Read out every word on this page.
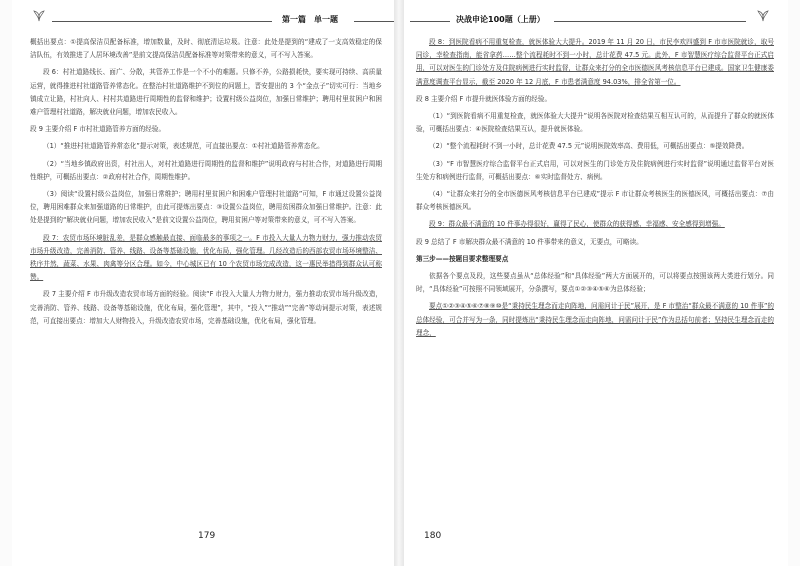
第一篇　单一题

概括出要点：①提高保洁员配备标准，增加数量，及时、彻底清运垃圾。注意：此处是提到的“建成了一支高效稳定的保洁队伍，有效推进了人居环境改善”是前文提高保洁员配备标准等对策带来的意义，可不写入答案。

段 6：村社道路线长、面广、分散，其管养工作是一个不小的难题。只修不养，公路损耗快，要实现可持续、高质量运营，就得推进村社道路管养常态化。在整治村社道路维护不到位的问题上，晋安提出的 3 个“金点子”切实可行：当地乡镇成立让路，村社向人、村村共道路进行周期性的监督和维护；设置村级公益岗位，加强日常维护；聘用村里贫困户和困难户管理村社道路，解决就业问题，增加农民收入。

段 9 主要介绍 F 市村社道路管养方面的经验。

（1）“推进村社道路管养常态化”提示对策，表述规范，可直接出要点：①村社道路管养常态化。

（2）“当地乡镇政府出资，村社出人，对村社道路进行周期性的监督和维护”说明政府与村社合作，对道路进行周期性维护，可概括出要点：②政府村社合作，周期性维护。

（3）阅读“设置村级公益岗位，加强日常维护；聘用村里贫困户和困难户管理村社道路”可知，F 市通过设置公益岗位，聘用困难群众来加强道路的日常维护，由此可提炼出要点：③设置公益岗位，聘用贫困群众加强日常维护。注意：此处是提到的“解决就业问题，增加农民收入”是前文设置公益岗位，聘用贫困户等对策带来的意义，可不写入答案。

段 7：农贸市场环境脏乱差，是群众感触最直接、面临最多的事项之一。F 市投入大量人力物力财力，强力推动农贸市场升级改造，完善消防、管养、线路、设备等基础设施，优化布局，强化管理。几经改造后的西部农贸市场环境整洁、秩序井然，蔬菜、水果、肉禽等分区合理。如今，中心城区已有 10 个农贸市场完成改造，这一惠民举措得到群众认可称赞。

段 7 主要介绍 F 市升级改造农贸市场方面的经验。阅读“F 市投入大量人力物力财力，强力推动农贸市场升级改造，完善消防、管养、线路、设备等基础设施，优化布局，强化管理”，其中，“投入”“推动”“完善”等动词提示对策，表述规范，可直接出要点：增加大人财物投入，升级改造农贸市场，完善基础设施，优化布局，强化管理。

179
决战申论100题（上册）

段 8：到医院看病不用重复检查，就医体验大大提升。2019 年 11 月 20 日，市民李欢四盛到 F 市市医院就诊，取号同诊，幸检查指南，能省拿药……整个流程耗时不到一小时，总计花费 47.5 元。此外，F 市智慧医疗综合监督平台正式启用，可以对医生的门诊处方及住院病例进行实时监督，让群众来打分的全市医德医风考核信息平台已建成。国家卫生健康委满意度调查平台显示，截至 2020 年 12 月底，F 市患者满意度 94.03%，排全省第一位。

段 8 主要介绍 F 市提升就医体验方面的经验。

（1）“到医院看病不用重复检查，就医体验大大提升”说明各医院对检查结果互相互认可的，从而提升了群众的就医体验，可概括出要点：④医院检查结果互认，提升就医体验。

（2）“整个流程耗时不到一小时，总计花费 47.5 元”说明医院效率高、费用低，可概括出要点：⑤提效降费。

（3）“F 市智慧医疗综合监督平台正式启用，可以对医生的门诊处方及住院病例进行实时监督”说明通过监督平台对医生处方和病例进行监督，可概括出要点：⑥实时监督处方、病例。

（4）“让群众来打分的全市医德医风考核信息平台已建成”提示 F 市让群众考核医生的医德医风，可概括出要点：⑦由群众考核医德医风。

段 9：群众最不满意的 10 件事办得很好，赢得了民心，使群众的获得感、幸福感、安全感得到增强。

段 9 总结了 F 市解决群众最不满意的 10 件事带来的意义，无要点，可略读。

第三步——按题目要求整理要点

依据各个要点及段，这些要点虽从“总体经验”和“具体经验”两大方面展开的，可以将要点按照该两大类进行划分。同时，“具体经验”可按照不同领域展开，分条撰写，要点①②③④⑤⑥为总体经验；

要点①②③④⑤⑥⑦⑧⑨⑩是“秉持民生理念而走向阵地，问需问计于民”展开，是 F 市整治“群众最不满意的 10 件事”的总体经验，可合并写为一条，同时提炼出“秉持民生理念而走向阵地，问需问计于民”作为总括句前者；坚持民生理念而走的理念，

180
